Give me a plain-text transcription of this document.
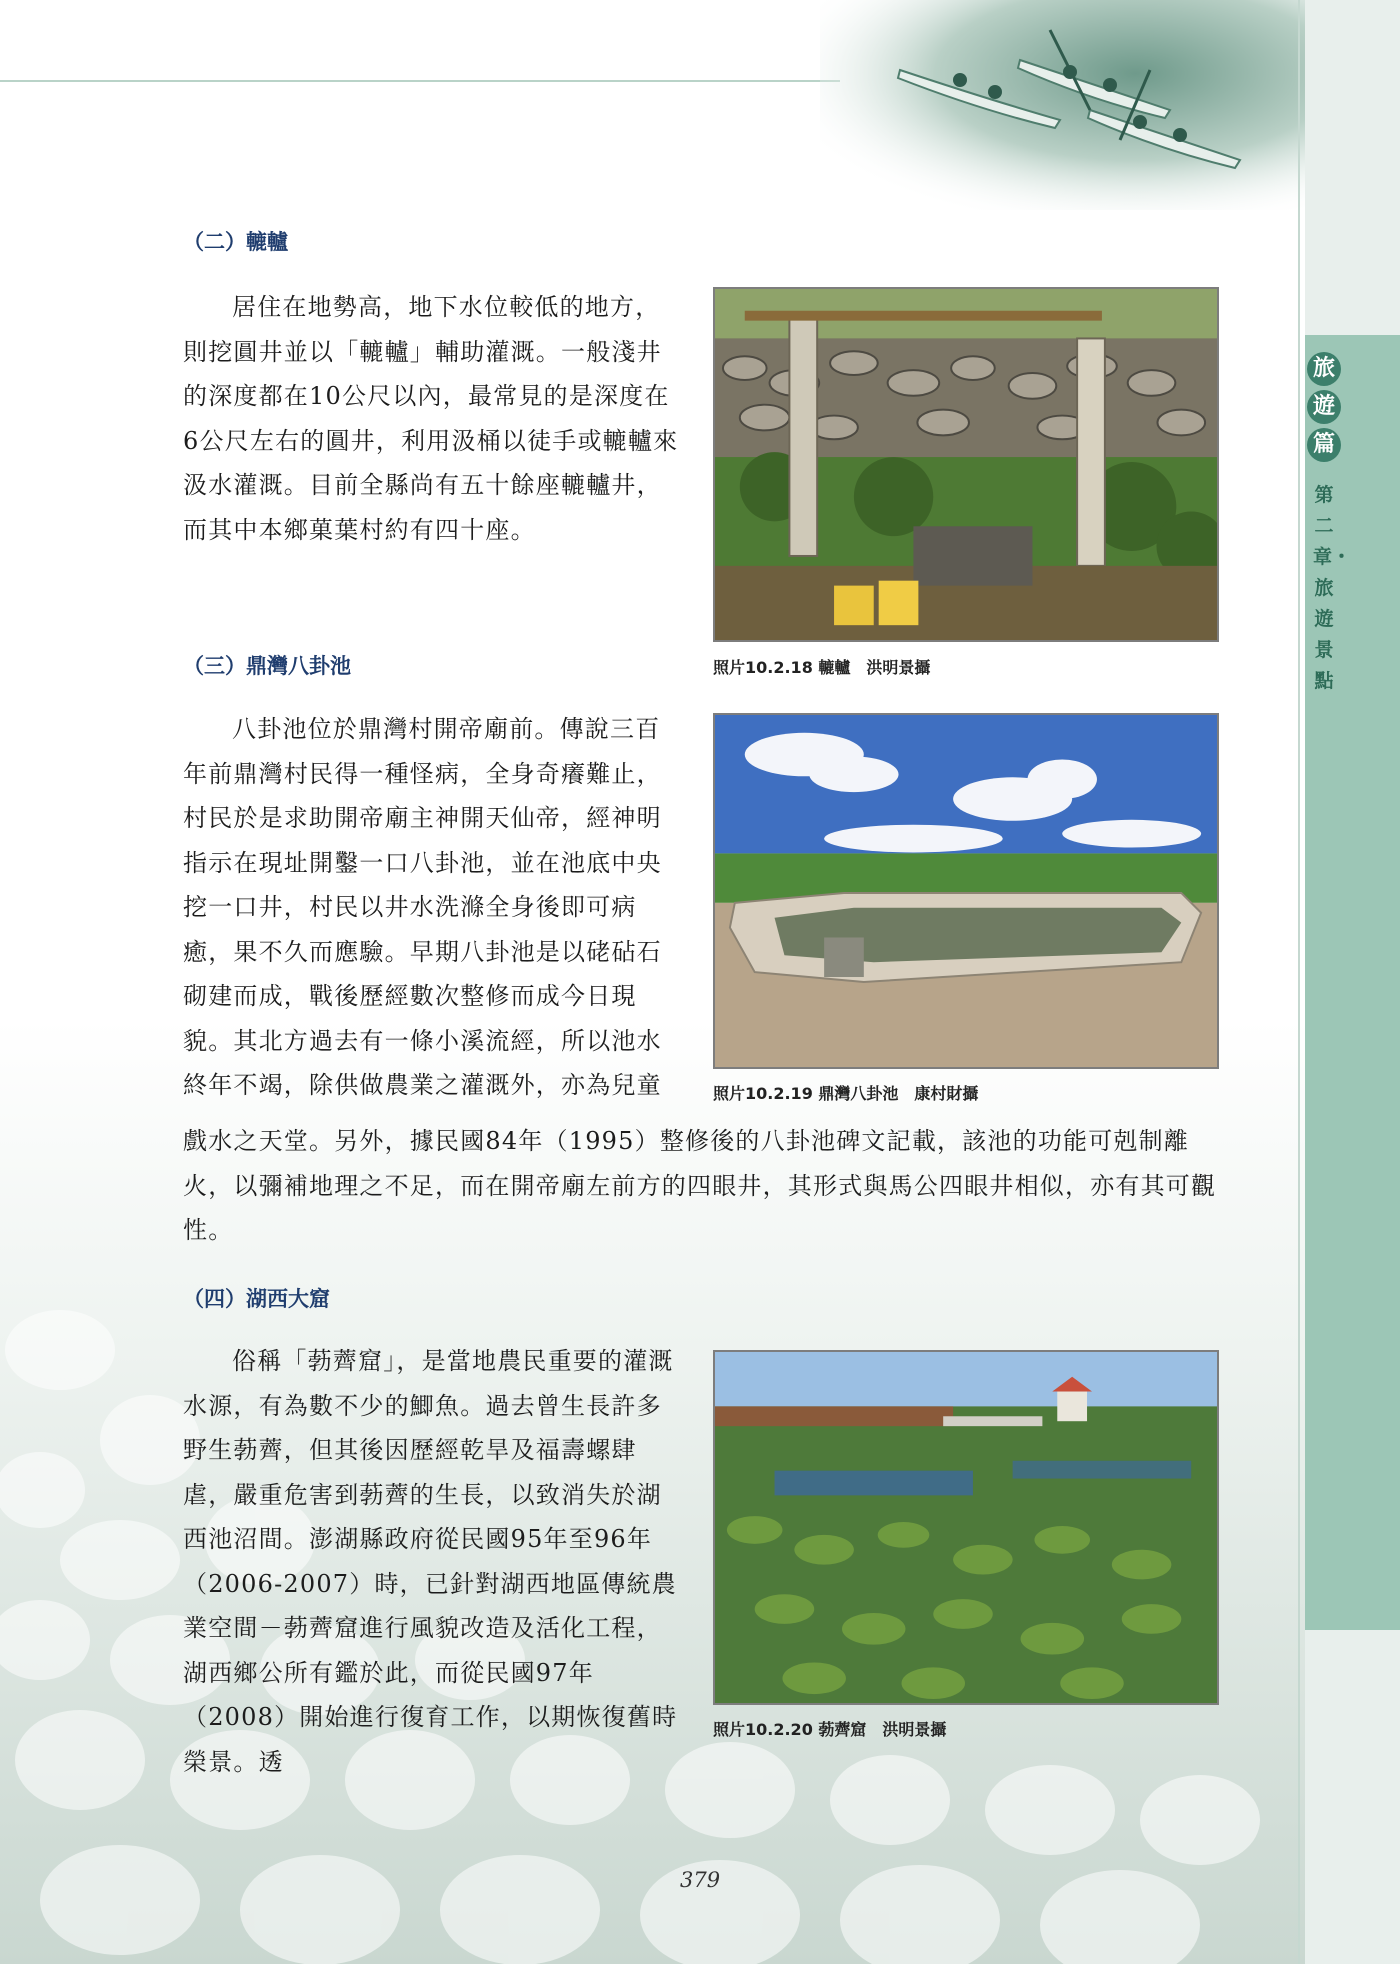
旅
遊
篇
第二章・旅遊景點
（二）轆轤
居住在地勢高，地下水位較低的地方，則挖圓井並以「轆轤」輔助灌溉。一般淺井的深度都在10公尺以內，最常見的是深度在6公尺左右的圓井，利用汲桶以徒手或轆轤來汲水灌溉。目前全縣尚有五十餘座轆轤井，而其中本鄉菓葉村約有四十座。
照片10.2.18 轆轤　洪明景攝
（三）鼎灣八卦池
八卦池位於鼎灣村開帝廟前。傳說三百年前鼎灣村民得一種怪病，全身奇癢難止，村民於是求助開帝廟主神開天仙帝，經神明指示在現址開鑿一口八卦池，並在池底中央挖一口井，村民以井水洗滌全身後即可病癒，果不久而應驗。早期八卦池是以硓砧石砌建而成，戰後歷經數次整修而成今日現貌。其北方過去有一條小溪流經，所以池水終年不竭，除供做農業之灌溉外，亦為兒童
戲水之天堂。另外，據民國84年（1995）整修後的八卦池碑文記載，該池的功能可剋制離火，以彌補地理之不足，而在開帝廟左前方的四眼井，其形式與馬公四眼井相似，亦有其可觀性。
照片10.2.19 鼎灣八卦池　康村財攝
（四）湖西大窟
俗稱「葧薺窟」，是當地農民重要的灌溉水源，有為數不少的鯽魚。過去曾生長許多野生葧薺，但其後因歷經乾旱及福壽螺肆虐，嚴重危害到葧薺的生長，以致消失於湖西池沼間。澎湖縣政府從民國95年至96年（2006-2007）時，已針對湖西地區傳統農業空間－葧薺窟進行風貌改造及活化工程，湖西鄉公所有鑑於此，而從民國97年（2008）開始進行復育工作，以期恢復舊時榮景。透
照片10.2.20 葧薺窟　洪明景攝
379
